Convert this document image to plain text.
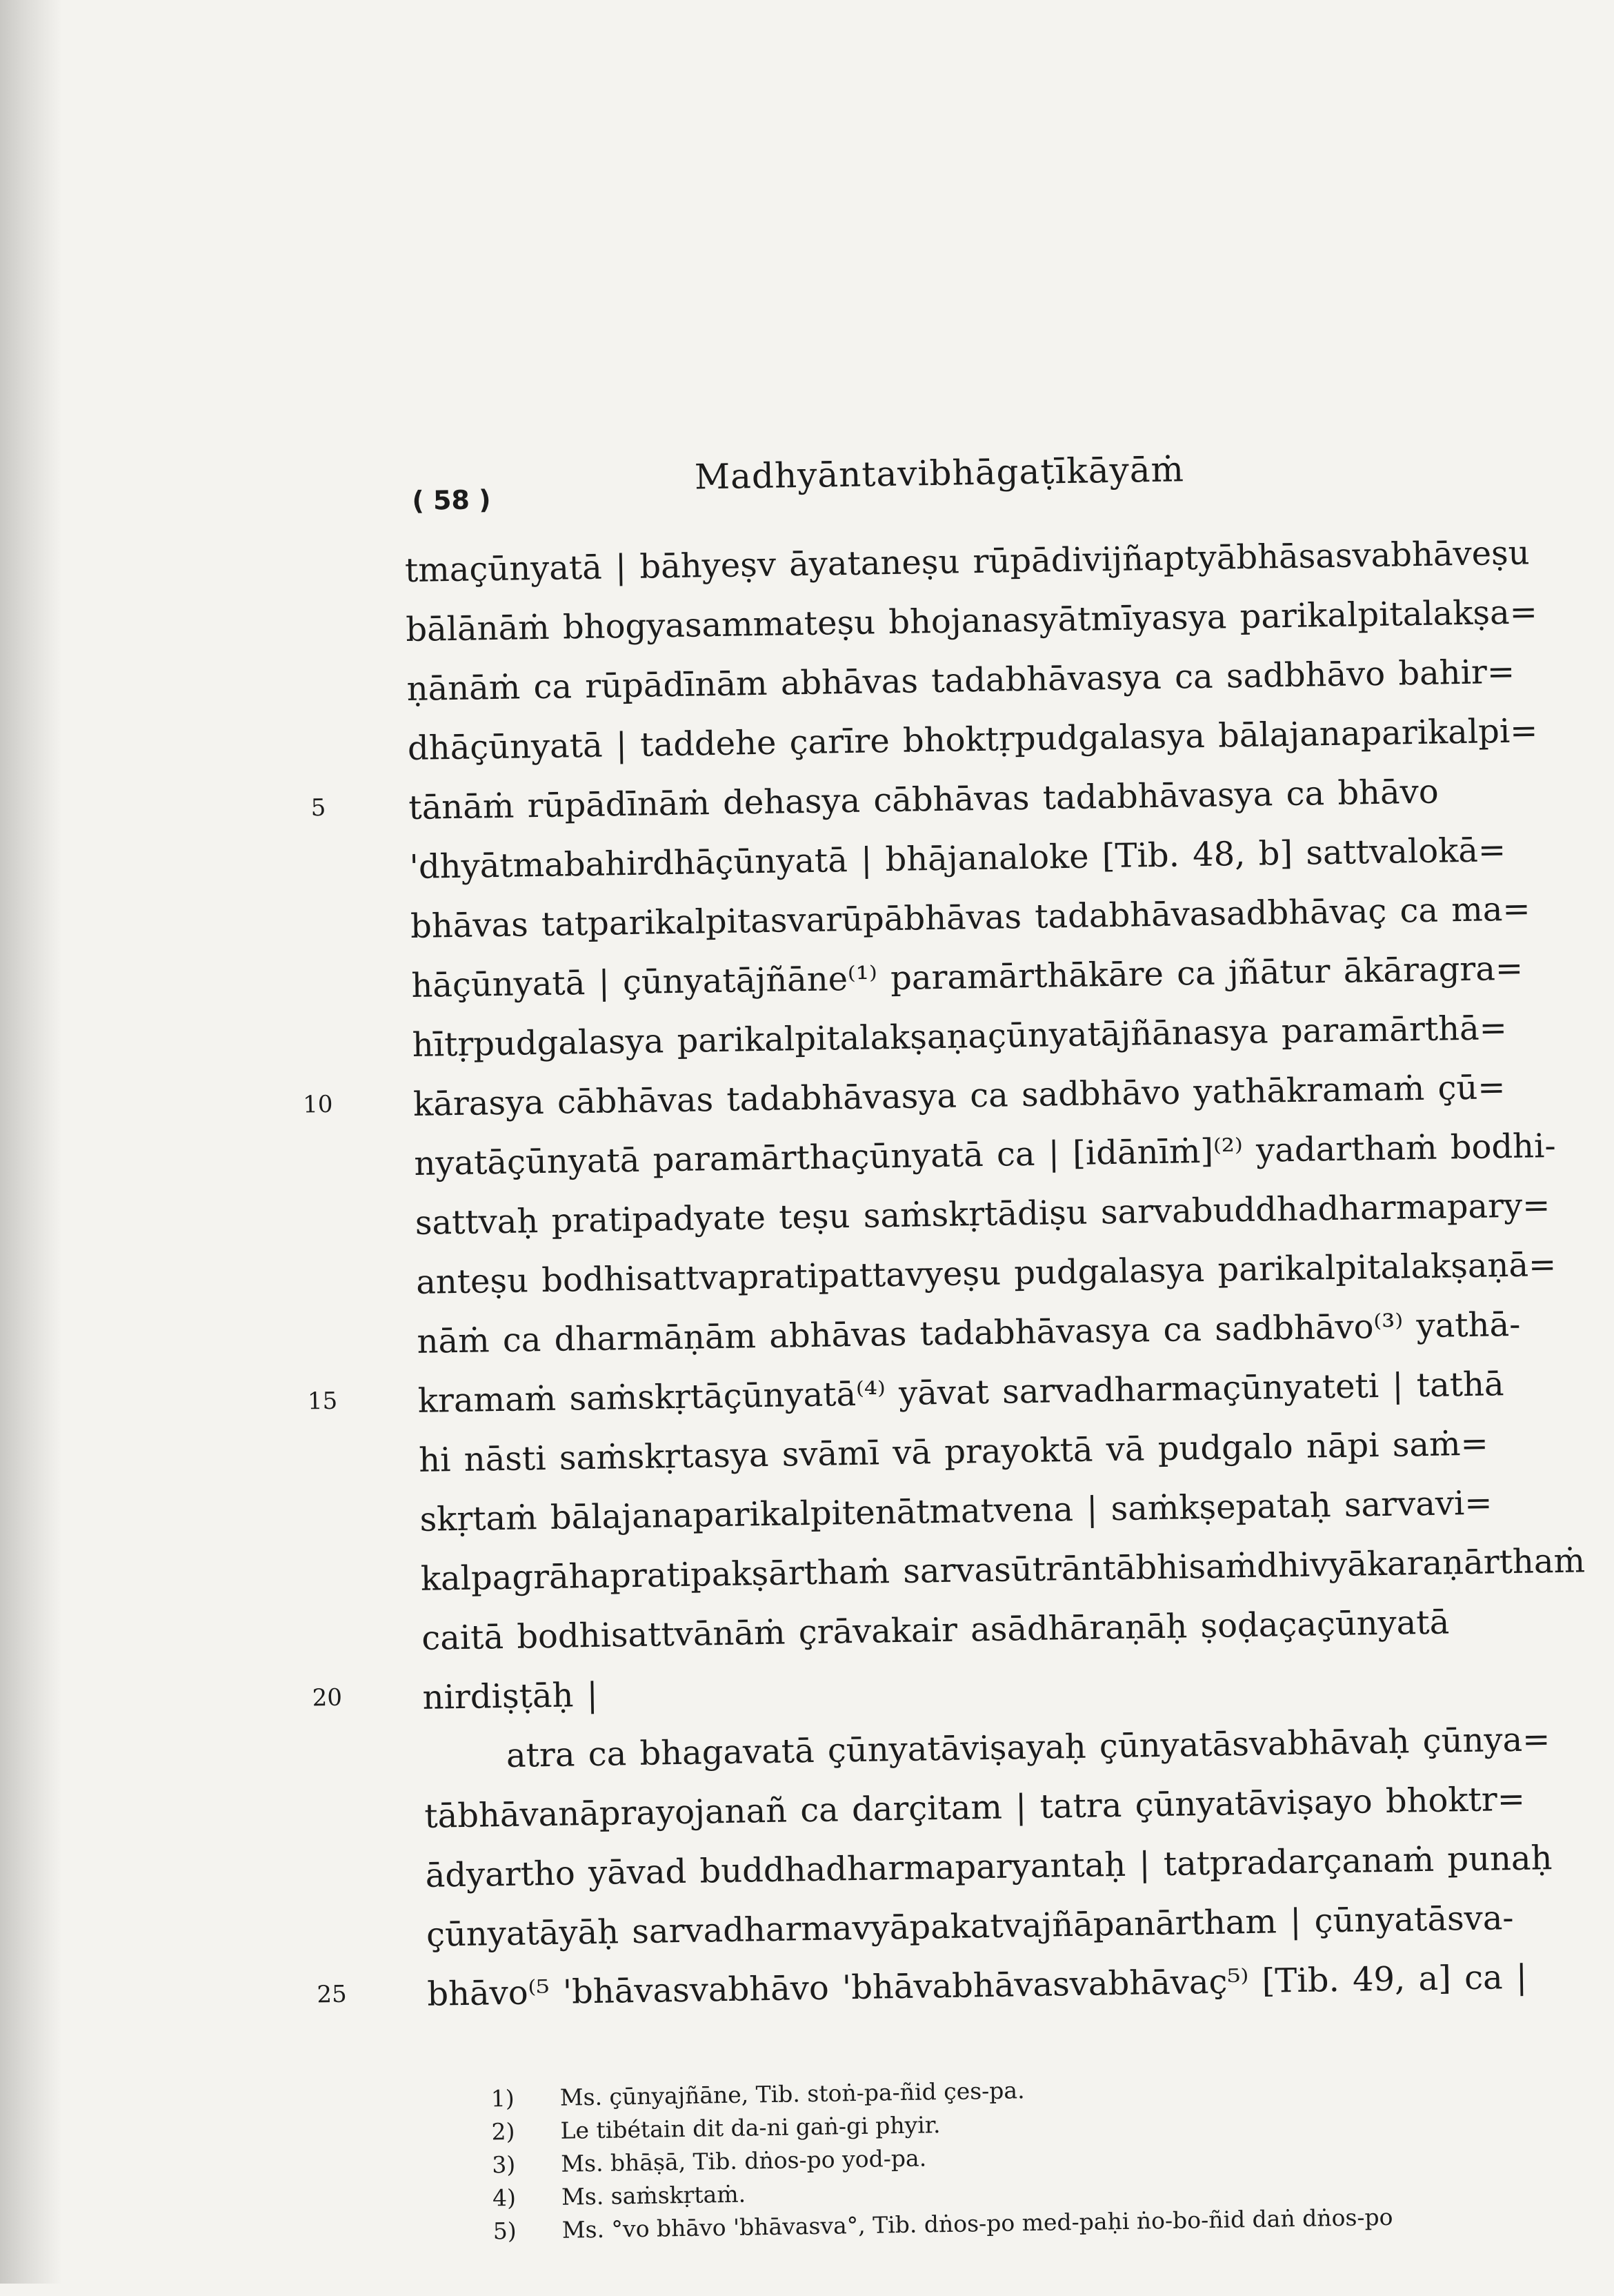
( 58 )
Madhyāntavibhāgaṭīkāyāṁ
tmaçūnyatā | bāhyeṣv āyataneṣu rūpādivijñaptyābhāsasvabhāveṣu
bālānāṁ bhogyasammateṣu bhojanasyātmīyasya parikalpitalakṣa=
ṇānāṁ ca rūpādīnām abhāvas tadabhāvasya ca sadbhāvo bahir=
dhāçūnyatā | taddehe çarīre bhoktṛpudgalasya bālajanaparikalpi=
5 tānāṁ rūpādīnāṁ dehasya cābhāvas tadabhāvasya ca bhāvo
'dhyātmabahirdhāçūnyatā | bhājanaloke [Tib. 48, b] sattvalokā=
bhāvas tatparikalpitasvarūpābhāvas tadabhāvasadbhāvaç ca ma=
hāçūnyatā | çūnyatājñāne⁽¹⁾ paramārthākāre ca jñātur ākāragra=
hītṛpudgalasya parikalpitalakṣaṇaçūnyatājñānasya paramārthā=
10 kārasya cābhāvas tadabhāvasya ca sadbhāvo yathākramaṁ çū=
nyatāçūnyatā paramārthaçūnyatā ca | [idānīṁ]⁽²⁾ yadarthaṁ bodhi-
sattvaḥ pratipadyate teṣu saṁskṛtādiṣu sarvabuddhadharmapary=
anteṣu bodhisattvapratipattavyeṣu pudgalasya parikalpitalakṣaṇā=
nāṁ ca dharmāṇām abhāvas tadabhāvasya ca sadbhāvo⁽³⁾ yathā-
15 kramaṁ saṁskṛtāçūnyatā⁽⁴⁾ yāvat sarvadharmaçūnyateti | tathā
hi nāsti saṁskṛtasya svāmī vā prayoktā vā pudgalo nāpi saṁ=
skṛtaṁ bālajanaparikalpitenātmatvena | saṁkṣepataḥ sarvavi=
kalpagrāhapratipakṣārthaṁ sarvasūtrāntābhisaṁdhivyākaraṇārthaṁ
caitā bodhisattvānāṁ çrāvakair asādhāraṇāḥ ṣoḍaçaçūnyatā
20 nirdiṣṭāḥ |
atra ca bhagavatā çūnyatāviṣayaḥ çūnyatāsvabhāvaḥ çūnya=
tābhāvanāprayojanañ ca darçitam | tatra çūnyatāviṣayo bhoktr=
ādyartho yāvad buddhadharmaparyantaḥ | tatpradarçanaṁ punaḥ
çūnyatāyāḥ sarvadharmavyāpakatvajñāpanārtham | çūnyatāsva-
25 bhāvo⁽⁵ 'bhāvasvabhāvo 'bhāvabhāvasvabhāvaç⁵⁾ [Tib. 49, a] ca |
1)	Ms. çūnyajñāne, Tib. stoṅ-pa-ñid çes-pa.
2)	Le tibétain dit da-ni gaṅ-gi phyir.
3)	Ms. bhāṣā, Tib. dṅos-po yod-pa.
4)	Ms. saṁskṛtaṁ.
5)	Ms. °vo bhāvo 'bhāvasva°, Tib. dṅos-po med-paḥi ṅo-bo-ñid daṅ dṅos-po
